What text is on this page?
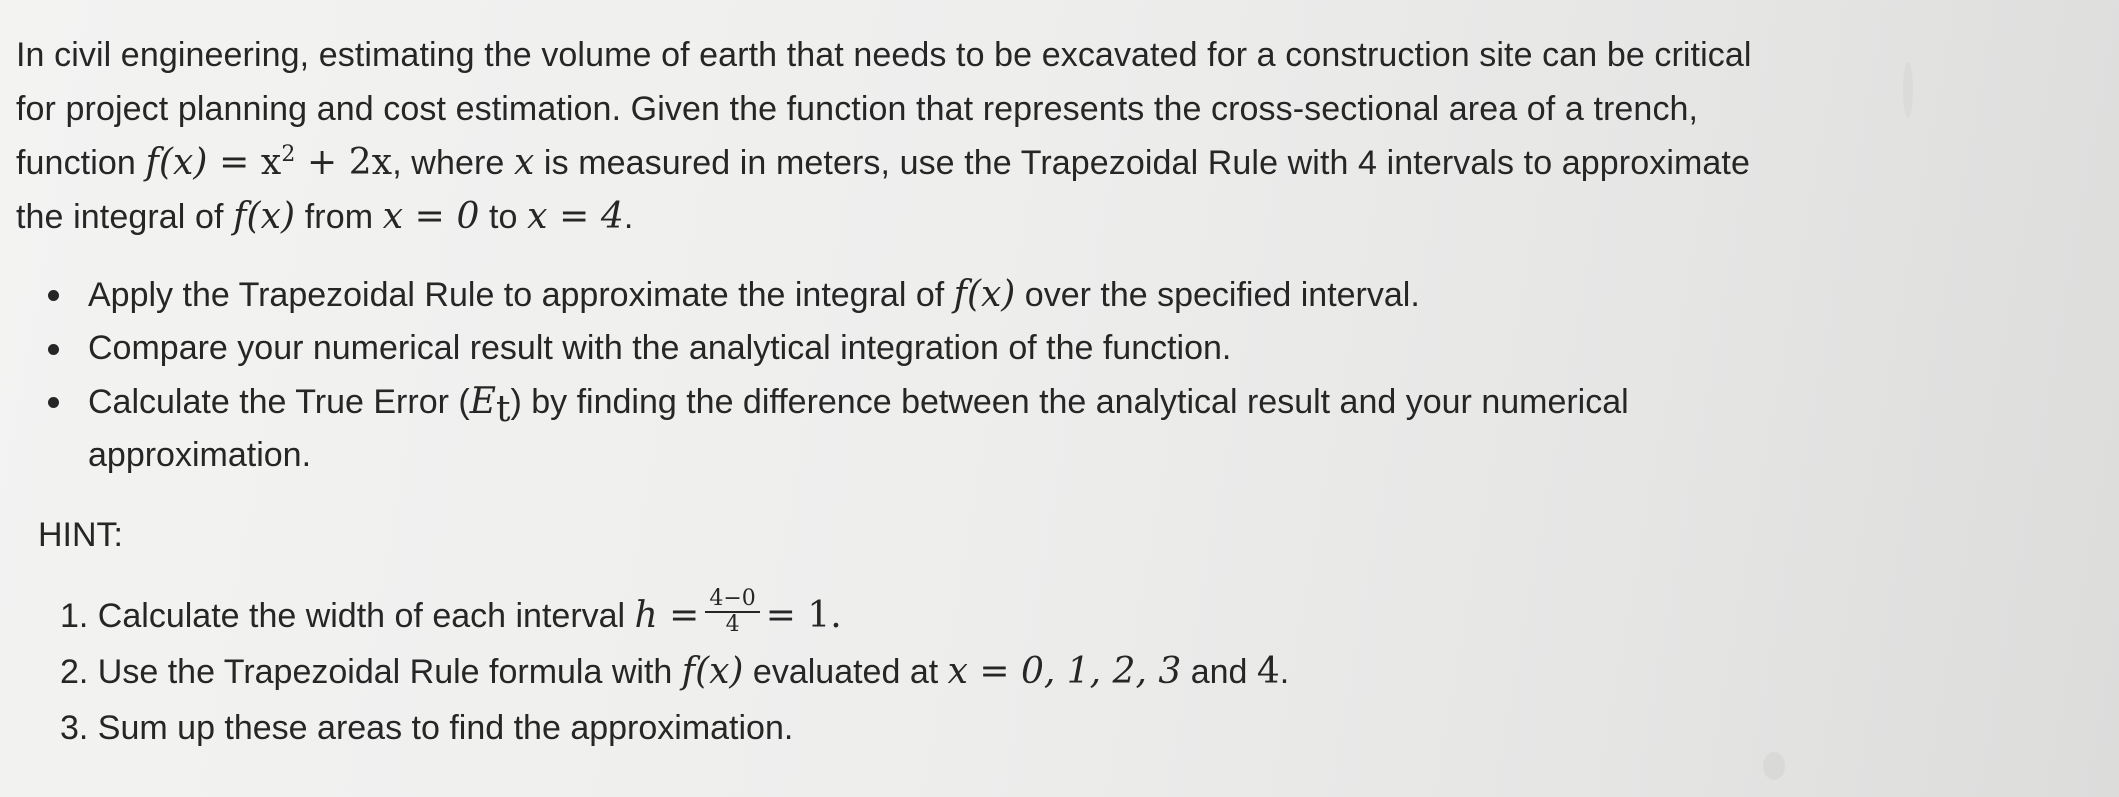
In civil engineering, estimating the volume of earth that needs to be excavated for a construction site can be critical for project planning and cost estimation. Given the function that represents the cross-sectional area of a trench, function $f(x) = x^2 + 2x$, where x is measured in meters, use the Trapezoidal Rule with 4 intervals to approximate the integral of f(x) from x = 0 to x = 4.

Apply the Trapezoidal Rule to approximate the integral of f(x) over the specified interval.
Compare your numerical result with the analytical integration of the function.
Calculate the True Error $(E_t)$ by finding the difference between the analytical result and your numerical approximation.
HINT:
1. Calculate the width of each interval $h = \frac{4-0}{4} = 1$.
2. Use the Trapezoidal Rule formula with f(x) evaluated at x = 0, 1, 2, 3 and 4.
3. Sum up these areas to find the approximation.
